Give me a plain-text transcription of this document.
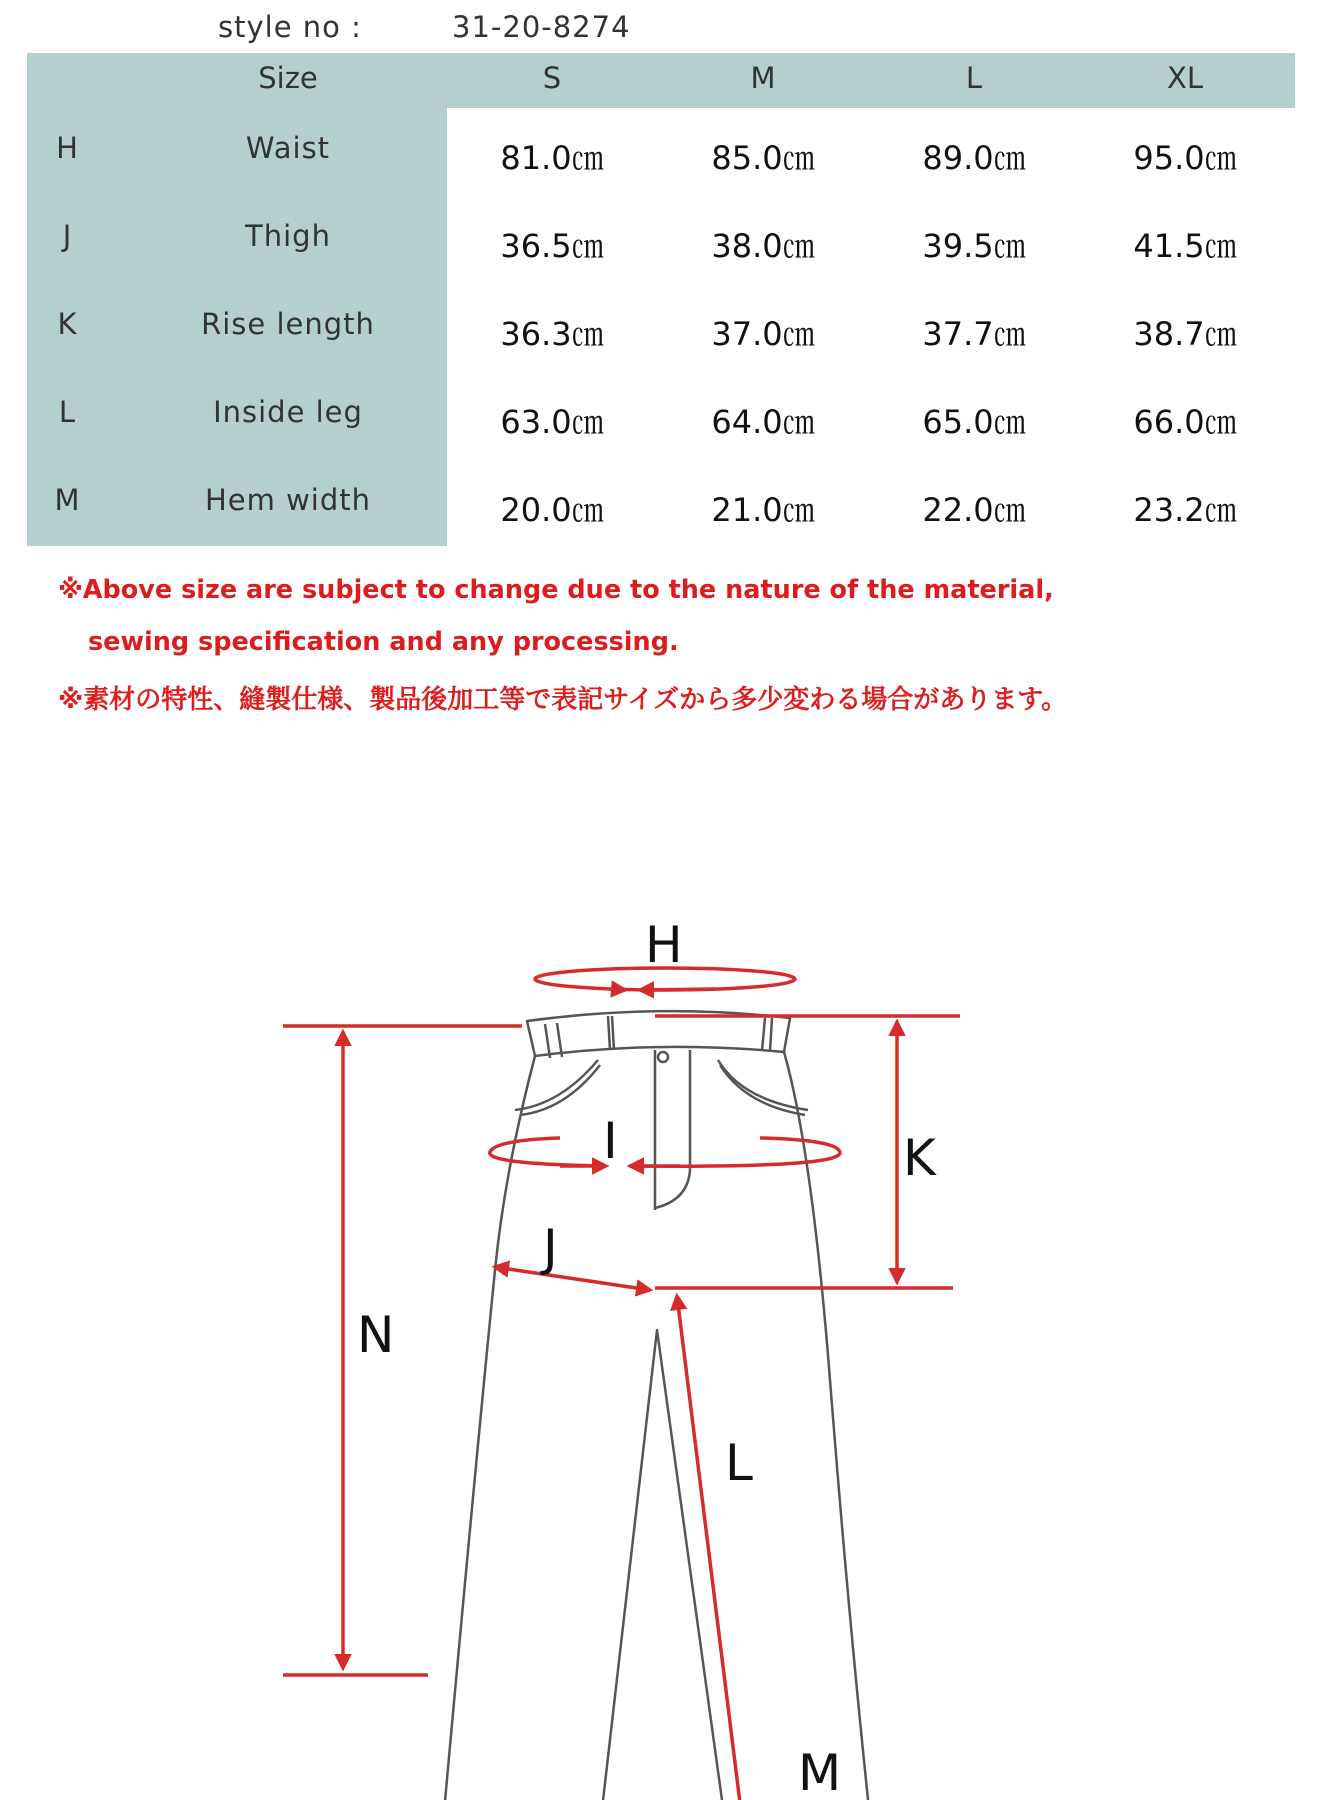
style no :	31-20-8274
Size	S	M	L	XL
H	Waist	81.0㎝	85.0㎝	89.0㎝	95.0㎝
J	Thigh	36.5㎝	38.0㎝	39.5㎝	41.5㎝
K	Rise length	36.3㎝	37.0㎝	37.7㎝	38.7㎝
L	Inside leg	63.0㎝	64.0㎝	65.0㎝	66.0㎝
M	Hem width	20.0㎝	21.0㎝	22.0㎝	23.2㎝
※Above size are subject to change due to the nature of the material,
sewing specification and any processing.
※素材の特性、縫製仕様、製品後加工等で表記サイズから多少変わる場合があります。
H
I	K
J
N
L
M
